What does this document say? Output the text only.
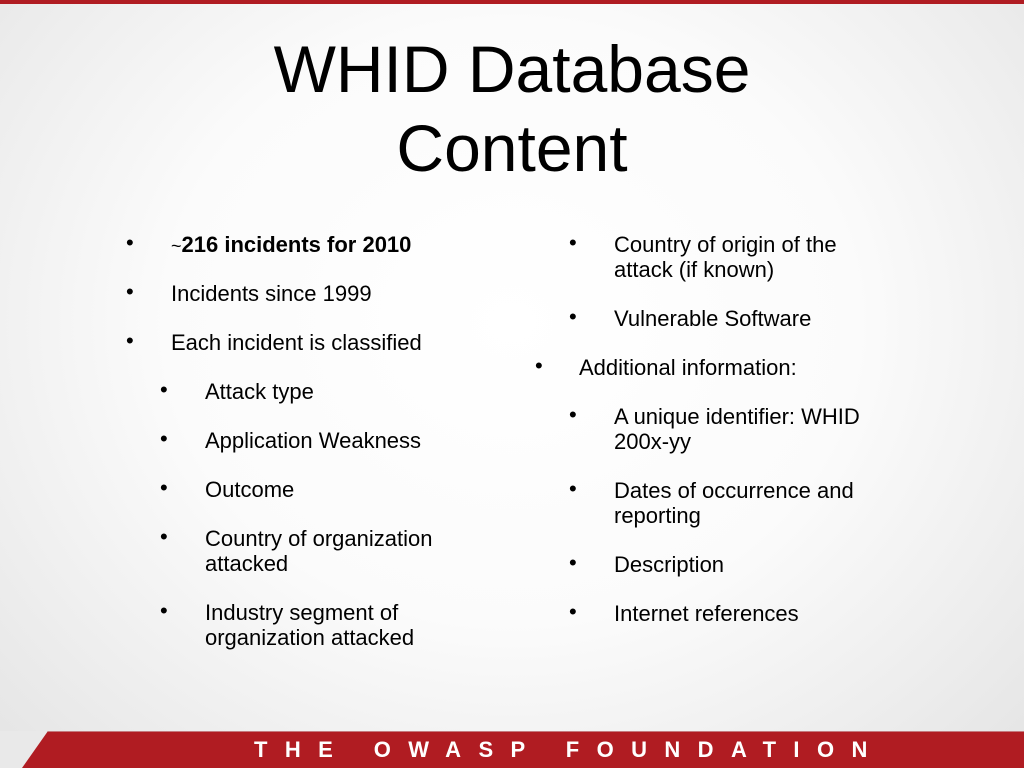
WHID Database
Content
• ~216 incidents for 2010
• Incidents since 1999
• Each incident is classified
• Attack type
• Application Weakness
• Outcome
• Country of organization
attacked
• Industry segment of
organization attacked
• Country of origin of the
attack (if known)
• Vulnerable Software
• Additional information:
• A unique identifier: WHID
200x-yy
• Dates of occurrence and
reporting
• Description
• Internet references
THE OWASP FOUNDATION
